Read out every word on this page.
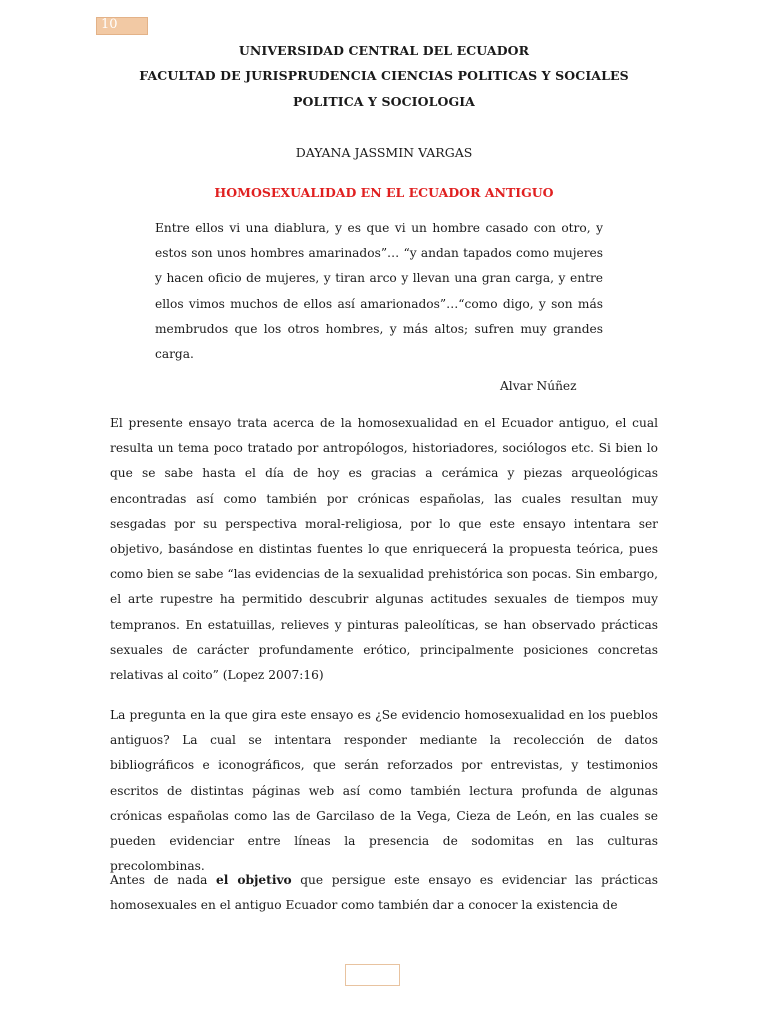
10
UNIVERSIDAD CENTRAL DEL ECUADOR
FACULTAD DE JURISPRUDENCIA CIENCIAS POLITICAS Y SOCIALES
POLITICA Y SOCIOLOGIA
DAYANA JASSMIN VARGAS
HOMOSEXUALIDAD EN EL ECUADOR ANTIGUO

Entre ellos vi una diablura, y es que vi un hombre casado con otro, y estos son unos hombres amarinados”… “y andan tapados como mujeres y hacen oficio de mujeres, y tiran arco y llevan una gran carga, y entre ellos vimos muchos de ellos así amarionados”…“como digo, y son más membrudos que los otros hombres, y más altos; sufren muy grandes carga.

Alvar Núñez

El presente ensayo trata acerca de la homosexualidad en el Ecuador antiguo, el cual resulta un tema poco tratado por antropólogos, historiadores, sociólogos etc. Si bien lo que se sabe hasta el día de hoy es gracias a cerámica y piezas arqueológicas encontradas así como también por crónicas españolas, las cuales resultan muy sesgadas por su perspectiva moral-religiosa, por lo que este ensayo intentara ser objetivo, basándose en distintas fuentes lo que enriquecerá la propuesta teórica, pues como bien se sabe “las evidencias de la sexualidad prehistórica son pocas. Sin embargo, el arte rupestre ha permitido descubrir algunas actitudes sexuales de tiempos muy tempranos. En estatuillas, relieves y pinturas paleolíticas, se han observado prácticas sexuales de carácter profundamente erótico, principalmente posiciones concretas relativas al coito” (Lopez 2007:16)

La pregunta en la que gira este ensayo es ¿Se evidencio homosexualidad en los pueblos antiguos? La cual se intentara responder mediante la recolección de datos bibliográficos e iconográficos, que serán reforzados por entrevistas, y testimonios escritos de distintas páginas web así como también lectura profunda de algunas crónicas españolas como las de Garcilaso de la Vega, Cieza de León, en las cuales se pueden evidenciar entre líneas la presencia de sodomitas en las culturas precolombinas.

Antes de nada el objetivo que persigue este ensayo es evidenciar las prácticas homosexuales en el antiguo Ecuador como también dar a conocer la existencia de
